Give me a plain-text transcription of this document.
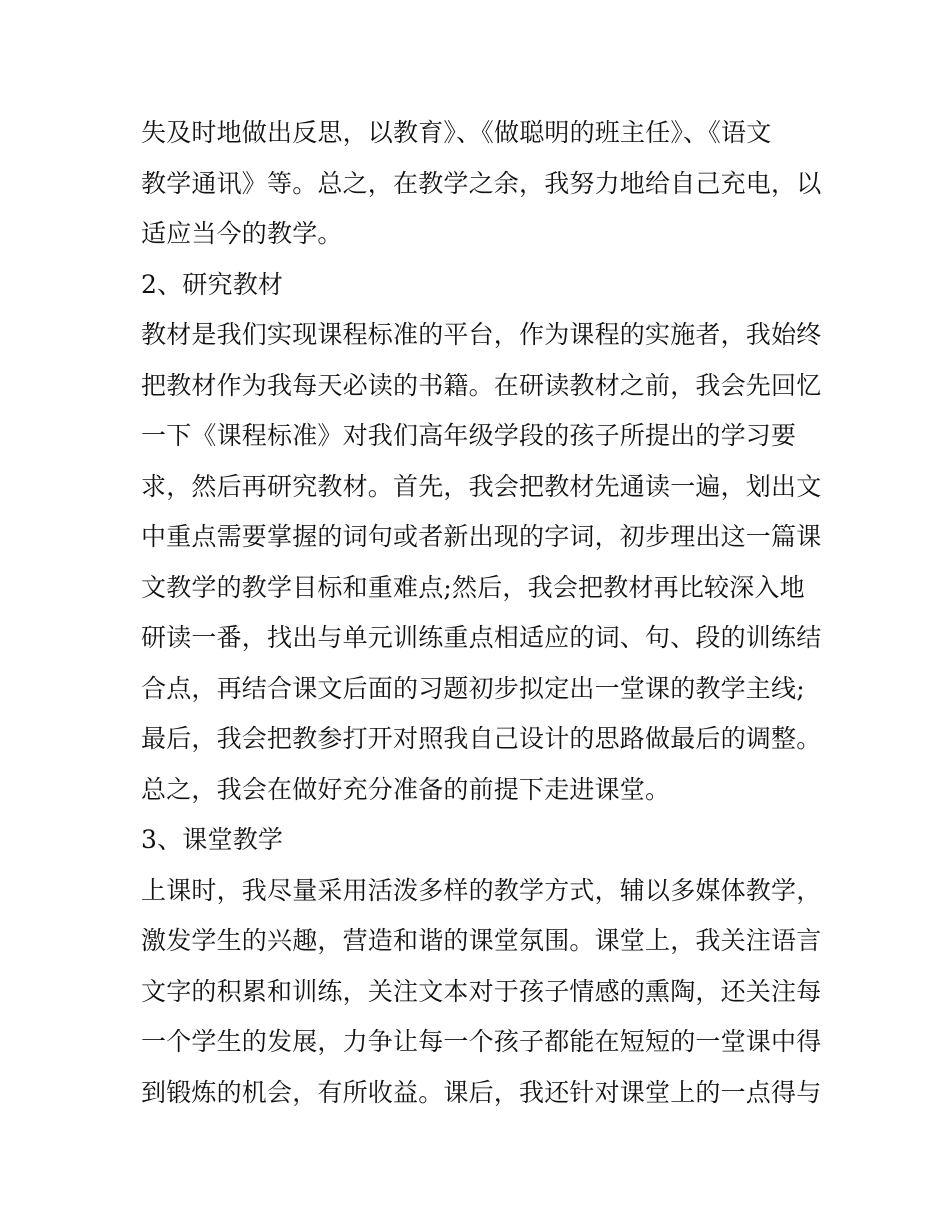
失及时地做出反思，以教育》、《做聪明的班主任》、《语文
教学通讯》等。总之，在教学之余，我努力地给自己充电，以
适应当今的教学。
2、研究教材
教材是我们实现课程标准的平台，作为课程的实施者，我始终
把教材作为我每天必读的书籍。在研读教材之前，我会先回忆
一下《课程标准》对我们高年级学段的孩子所提出的学习要
求，然后再研究教材。首先，我会把教材先通读一遍，划出文
中重点需要掌握的词句或者新出现的字词，初步理出这一篇课
文教学的教学目标和重难点;然后，我会把教材再比较深入地
研读一番，找出与单元训练重点相适应的词、句、段的训练结
合点，再结合课文后面的习题初步拟定出一堂课的教学主线;
最后，我会把教参打开对照我自己设计的思路做最后的调整。
总之，我会在做好充分准备的前提下走进课堂。
3、课堂教学
上课时，我尽量采用活泼多样的教学方式，辅以多媒体教学，
激发学生的兴趣，营造和谐的课堂氛围。课堂上，我关注语言
文字的积累和训练，关注文本对于孩子情感的熏陶，还关注每
一个学生的发展，力争让每一个孩子都能在短短的一堂课中得
到锻炼的机会，有所收益。课后，我还针对课堂上的一点得与
